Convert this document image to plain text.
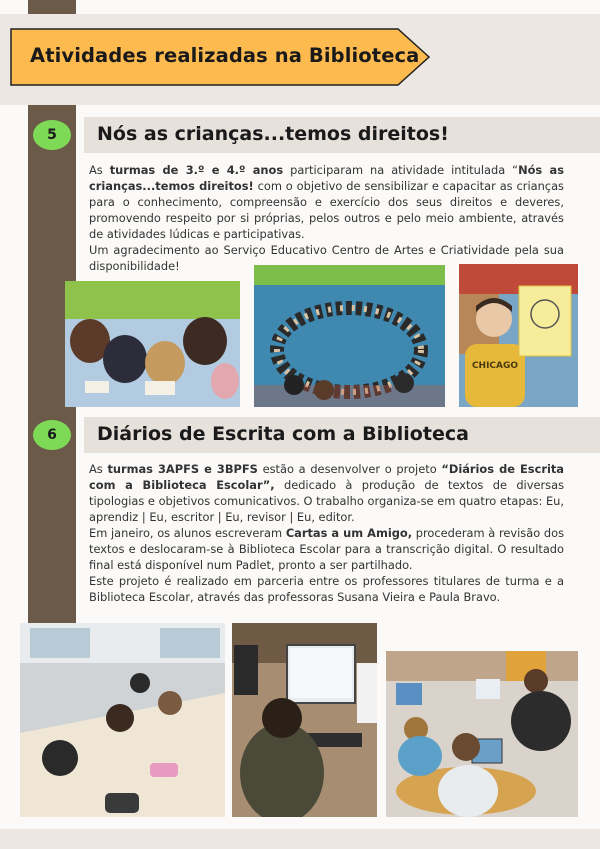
Atividades realizadas na Biblioteca
5	Nós as crianças...temos direitos!

As turmas de 3.º e 4.º anos participaram na atividade intitulada “Nós as crianças...temos direitos! com o objetivo de sensibilizar e capacitar as crianças para o conhecimento, compreensão e exercício dos seus direitos e deveres, promovendo respeito por si próprias, pelos outros e pelo meio ambiente, através de atividades lúdicas e participativas.

Um agradecimento ao Serviço Educativo Centro de Artes e Criatividade pela sua disponibilidade!

CHICAGO
6	Diários de Escrita com a Biblioteca

As turmas 3APFS e 3BPFS estão a desenvolver o projeto “Diários de Escrita com a Biblioteca Escolar”, dedicado à produção de textos de diversas tipologias e objetivos comunicativos. O trabalho organiza-se em quatro etapas: Eu, aprendiz | Eu, escritor | Eu, revisor | Eu, editor.

Em janeiro, os alunos escreveram Cartas a um Amigo, procederam à revisão dos textos e deslocaram-se à Biblioteca Escolar para a transcrição digital. O resultado final está disponível num Padlet, pronto a ser partilhado.

Este projeto é realizado em parceria entre os professores titulares de turma e a Biblioteca Escolar, através das professoras Susana Vieira e Paula Bravo.
